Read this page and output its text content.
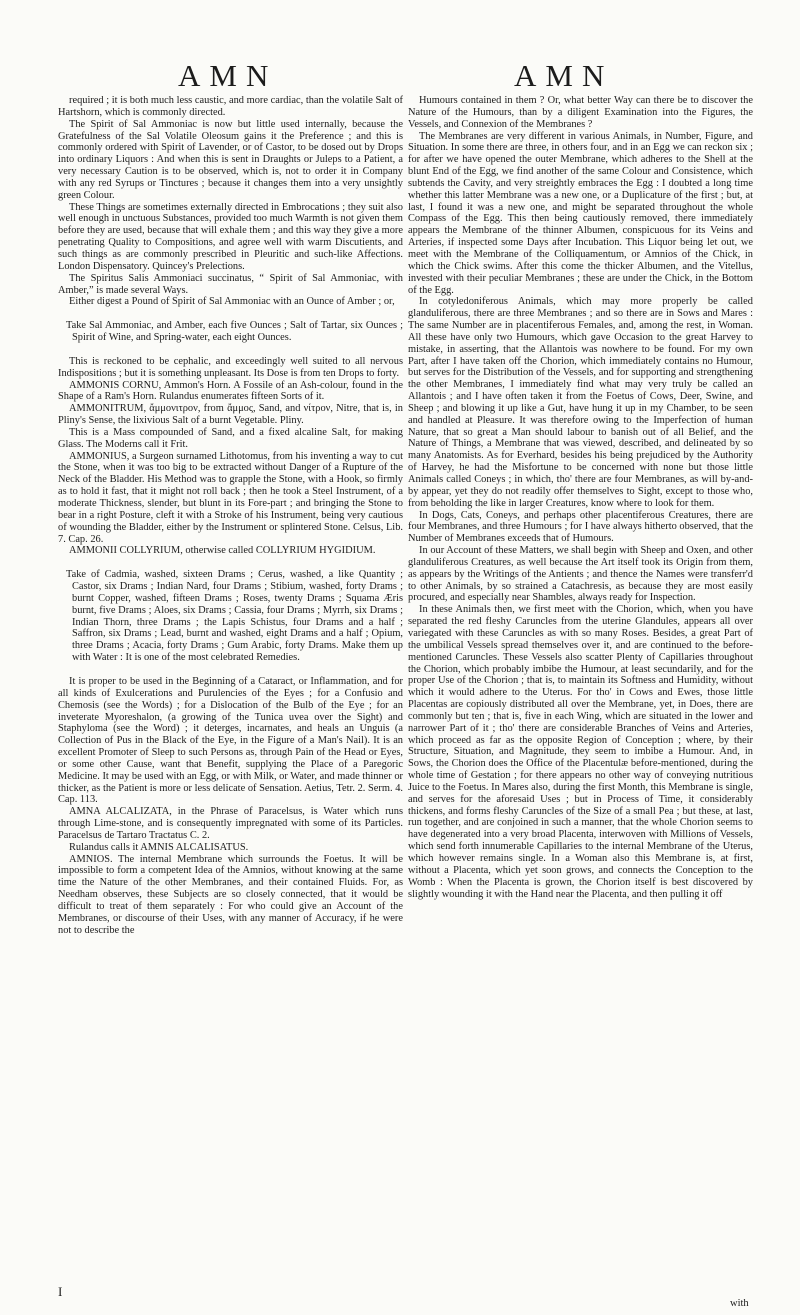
AMN	AMN

required ; it is both much less caustic, and more cardiac, than the volatile Salt of Hartshorn, which is commonly directed.

The Spirit of Sal Ammoniac is now but little used internally, because the Gratefulness of the Sal Volatile Oleosum gains it the Preference ; and this is commonly ordered with Spirit of Lavender, or of Castor, to be dosed out by Drops into ordinary Liquors : And when this is sent in Draughts or Juleps to a Patient, a very necessary Caution is to be observed, which is, not to order it in Company with any red Syrups or Tinctures ; because it changes them into a very unsightly green Colour.

These Things are sometimes externally directed in Embrocations ; they suit also well enough in unctuous Substances, provided too much Warmth is not given them before they are used, because that will exhale them ; and this way they give a more penetrating Quality to Compositions, and agree well with warm Discutients, and such things as are commonly prescribed in Pleuritic and such-like Affections. London Dispensatory. Quincey's Prelections.

The Spiritus Salis Ammoniaci succinatus, “ Spirit of Sal Ammoniac, with Amber,” is made several Ways.

Either digest a Pound of Spirit of Sal Ammoniac with an Ounce of Amber ; or,

Take Sal Ammoniac, and Amber, each five Ounces ; Salt of Tartar, six Ounces ; Spirit of Wine, and Spring-water, each eight Ounces.

This is reckoned to be cephalic, and exceedingly well suited to all nervous Indispositions ; but it is something unpleasant. Its Dose is from ten Drops to forty.

AMMONIS CORNU, Ammon's Horn. A Fossile of an Ash-colour, found in the Shape of a Ram's Horn. Rulandus enumerates fifteen Sorts of it.

AMMONITRUM, ἄμμονιτρον, from ἄμμος, Sand, and νίτρον, Nitre, that is, in Pliny's Sense, the lixivious Salt of a burnt Vegetable. Pliny.

This is a Mass compounded of Sand, and a fixed alcaline Salt, for making Glass. The Moderns call it Frit.

AMMONIUS, a Surgeon surnamed Lithotomus, from his inventing a way to cut the Stone, when it was too big to be extracted without Danger of a Rupture of the Neck of the Bladder. His Method was to grapple the Stone, with a Hook, so firmly as to hold it fast, that it might not roll back ; then he took a Steel Instrument, of a moderate Thickness, slender, but blunt in its Fore-part ; and bringing the Stone to bear in a right Posture, cleft it with a Stroke of his Instrument, being very cautious of wounding the Bladder, either by the Instrument or splintered Stone. Celsus, Lib. 7. Cap. 26.

AMMONII COLLYRIUM, otherwise called COLLYRIUM HYGIDIUM.

Take of Cadmia, washed, sixteen Drams ; Cerus, washed, a like Quantity ; Castor, six Drams ; Indian Nard, four Drams ; Stibium, washed, forty Drams ; burnt Copper, washed, fifteen Drams ; Roses, twenty Drams ; Squama Æris burnt, five Drams ; Aloes, six Drams ; Cassia, four Drams ; Myrrh, six Drams ; Indian Thorn, three Drams ; the Lapis Schistus, four Drams and a half ; Saffron, six Drams ; Lead, burnt and washed, eight Drams and a half ; Opium, three Drams ; Acacia, forty Drams ; Gum Arabic, forty Drams. Make them up with Water : It is one of the most celebrated Remedies.

It is proper to be used in the Beginning of a Cataract, or Inflammation, and for all kinds of Exulcerations and Purulencies of the Eyes ; for a Confusio and Chemosis (see the Words) ; for a Dislocation of the Bulb of the Eye ; for an inveterate Myoreshalon, (a growing of the Tunica uvea over the Sight) and Staphyloma (see the Word) ; it deterges, incarnates, and heals an Unguis (a Collection of Pus in the Black of the Eye, in the Figure of a Man's Nail). It is an excellent Promoter of Sleep to such Persons as, through Pain of the Head or Eyes, or some other Cause, want that Benefit, supplying the Place of a Paregoric Medicine. It may be used with an Egg, or with Milk, or Water, and made thinner or thicker, as the Patient is more or less delicate of Sensation. Aetius, Tetr. 2. Serm. 4. Cap. 113.

AMNA ALCALIZATA, in the Phrase of Paracelsus, is Water which runs through Lime-stone, and is consequently impregnated with some of its Particles. Paracelsus de Tartaro Tractatus C. 2.

Rulandus calls it AMNIS ALCALISATUS.

AMNIOS. The internal Membrane which surrounds the Foetus. It will be impossible to form a competent Idea of the Amnios, without knowing at the same time the Nature of the other Membranes, and their contained Fluids. For, as Needham observes, these Subjects are so closely connected, that it would be difficult to treat of them separately : For who could give an Account of the Membranes, or discourse of their Uses, with any manner of Accuracy, if he were not to describe the

Humours contained in them ? Or, what better Way can there be to discover the Nature of the Humours, than by a diligent Examination into the Figures, the Vessels, and Connexion of the Membranes ?

The Membranes are very different in various Animals, in Number, Figure, and Situation. In some there are three, in others four, and in an Egg we can reckon six ; for after we have opened the outer Membrane, which adheres to the Shell at the blunt End of the Egg, we find another of the same Colour and Consistence, which subtends the Cavity, and very streightly embraces the Egg : I doubted a long time whether this latter Membrane was a new one, or a Duplicature of the first ; but, at last, I found it was a new one, and might be separated throughout the whole Compass of the Egg. This then being cautiously removed, there immediately appears the Membrane of the thinner Albumen, conspicuous for its Veins and Arteries, if inspected some Days after Incubation. This Liquor being let out, we meet with the Membrane of the Colliquamentum, or Amnios of the Chick, in which the Chick swims. After this come the thicker Albumen, and the Vitellus, invested with their peculiar Membranes ; these are under the Chick, in the Bottom of the Egg.

In cotyledoniferous Animals, which may more properly be called glanduliferous, there are three Membranes ; and so there are in Sows and Mares : The same Number are in placentiferous Females, and, among the rest, in Woman. All these have only two Humours, which gave Occasion to the great Harvey to mistake, in asserting, that the Allantois was nowhere to be found. For my own Part, after I have taken off the Chorion, which immediately contains no Humour, but serves for the Distribution of the Vessels, and for supporting and strengthening the other Membranes, I immediately find what may very truly be called an Allantois ; and I have often taken it from the Foetus of Cows, Deer, Swine, and Sheep ; and blowing it up like a Gut, have hung it up in my Chamber, to be seen and handled at Pleasure. It was therefore owing to the Imperfection of human Nature, that so great a Man should labour to banish out of all Belief, and the Nature of Things, a Membrane that was viewed, described, and delineated by so many Anatomists. As for Everhard, besides his being prejudiced by the Authority of Harvey, he had the Misfortune to be concerned with none but those little Animals called Coneys ; in which, tho' there are four Membranes, as will by-and-by appear, yet they do not readily offer themselves to Sight, except to those who, from beholding the like in larger Creatures, know where to look for them.

In Dogs, Cats, Coneys, and perhaps other placentiferous Creatures, there are four Membranes, and three Humours ; for I have always hitherto observed, that the Number of Membranes exceeds that of Humours.

In our Account of these Matters, we shall begin with Sheep and Oxen, and other glanduliferous Creatures, as well because the Art itself took its Origin from them, as appears by the Writings of the Antients ; and thence the Names were transferr'd to other Animals, by so strained a Catachresis, as because they are most easily procured, and especially near Shambles, always ready for Inspection.

In these Animals then, we first meet with the Chorion, which, when you have separated the red fleshy Caruncles from the uterine Glandules, appears all over variegated with these Caruncles as with so many Roses. Besides, a great Part of the umbilical Vessels spread themselves over it, and are continued to the before-mentioned Caruncles. These Vessels also scatter Plenty of Capillaries throughout the Chorion, which probably imbibe the Humour, at least secundarily, and for the proper Use of the Chorion ; that is, to maintain its Softness and Humidity, without which it would adhere to the Uterus. For tho' in Cows and Ewes, those little Placentas are copiously distributed all over the Membrane, yet, in Does, there are commonly but ten ; that is, five in each Wing, which are situated in the lower and narrower Part of it ; tho' there are considerable Branches of Veins and Arteries, which proceed as far as the opposite Region of Conception ; where, by their Structure, Situation, and Magnitude, they seem to imbibe a Humour. And, in Sows, the Chorion does the Office of the Placentulæ before-mentioned, during the whole time of Gestation ; for there appears no other way of conveying nutritious Juice to the Foetus. In Mares also, during the first Month, this Membrane is single, and serves for the aforesaid Uses ; but in Process of Time, it considerably thickens, and forms fleshy Caruncles of the Size of a small Pea ; but these, at last, run together, and are conjoined in such a manner, that the whole Chorion seems to have degenerated into a very broad Placenta, interwoven with Millions of Vessels, which send forth innumerable Capillaries to the internal Membrane of the Uterus, which however remains single. In a Woman also this Membrane is, at first, without a Placenta, which yet soon grows, and connects the Conception to the Womb : When the Placenta is grown, the Chorion itself is best discovered by slightly wounding it with the Hand near the Placenta, and then pulling it off

I
with
